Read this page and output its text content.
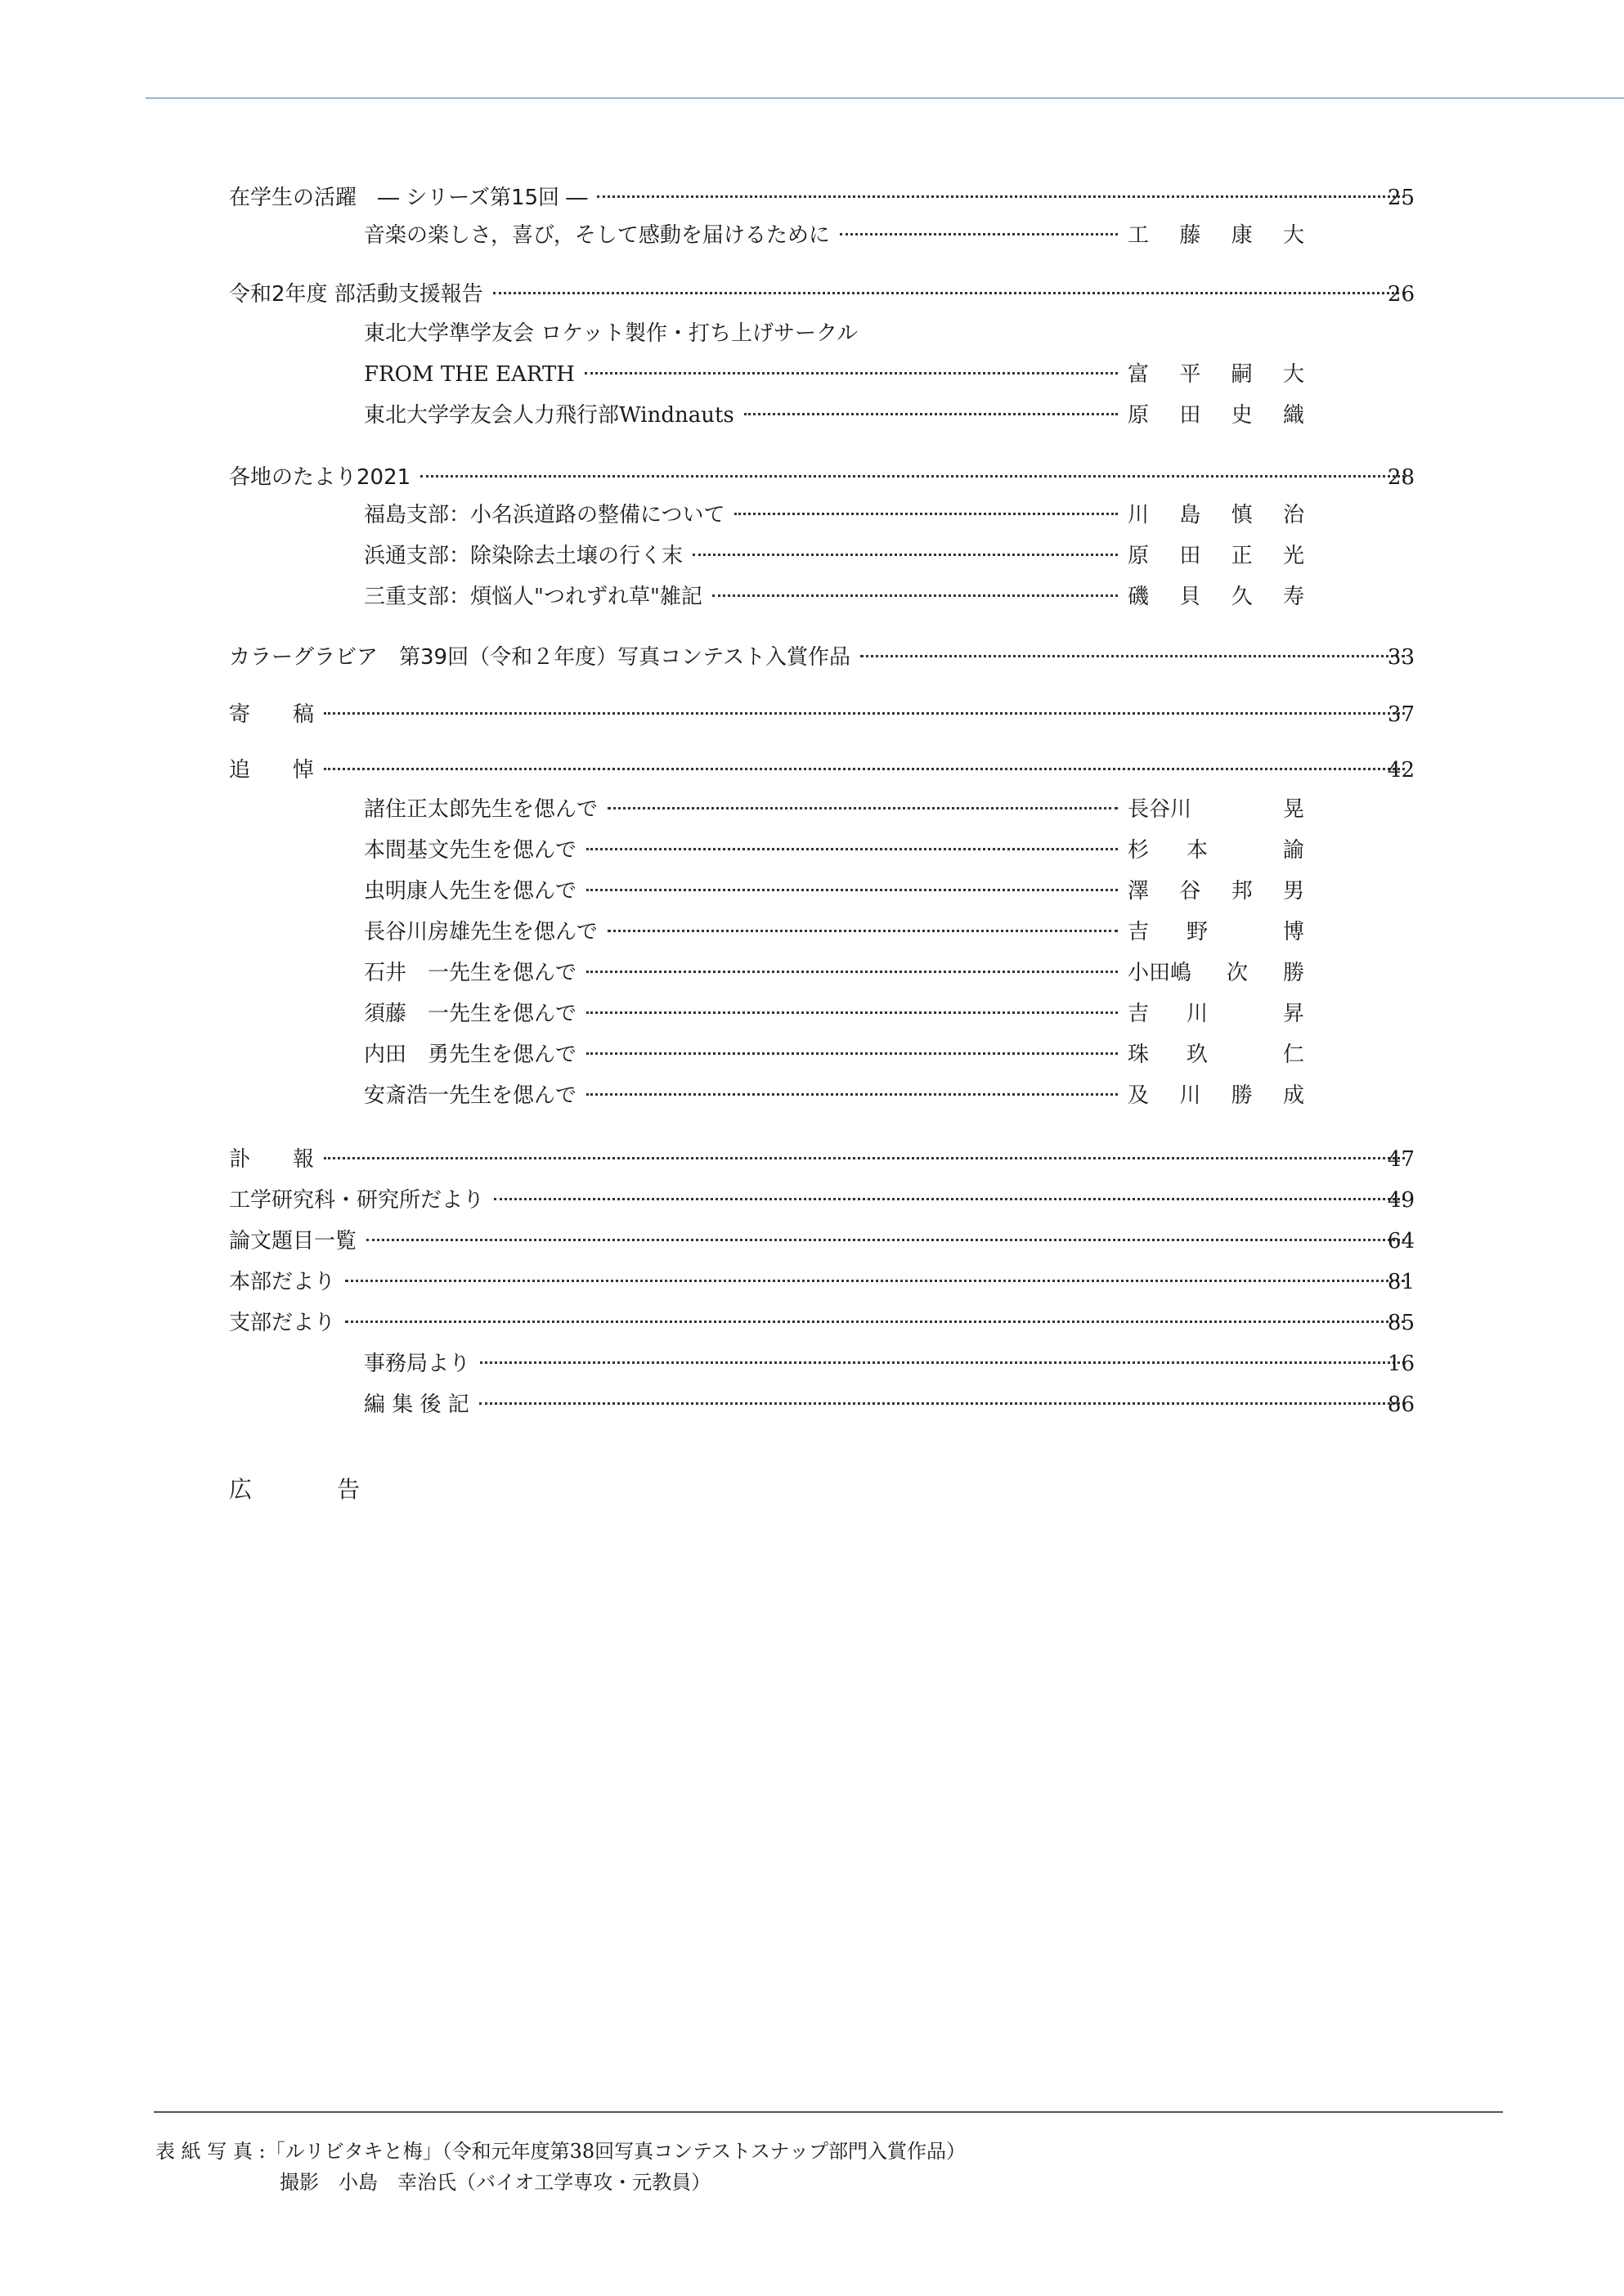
在学生の活躍　― シリーズ第15回 ―	25
音楽の楽しさ，喜び，そして感動を届けるために	工 藤 康 大
令和2年度 部活動支援報告	26
東北大学準学友会 ロケット製作・打ち上げサークル
FROM THE EARTH	富 平 嗣 大
東北大学学友会人力飛行部Windnauts	原 田 史 織
各地のたより2021	28
福島支部：小名浜道路の整備について	川 島 慎 治
浜通支部：除染除去土壌の行く末	原 田 正 光
三重支部：煩悩人"つれずれ草"雑記	磯 貝 久 寿
カラーグラビア　第39回（令和２年度）写真コンテスト入賞作品	33
寄　　稿	37
追　　悼	42
諸住正太郎先生を偲んで	長谷川	晃
本間基文先生を偲んで	杉 本	諭
虫明康人先生を偲んで	澤 谷 邦 男
長谷川房雄先生を偲んで	吉 野	博
石井　一先生を偲んで	小田嶋 次 勝
須藤　一先生を偲んで	吉 川	昇
内田　勇先生を偲んで	珠 玖	仁
安斎浩一先生を偲んで	及 川 勝 成
訃　　報	47
工学研究科・研究所だより	49
論文題目一覧	64
本部だより	81
支部だより	85
事務局より	16
編 集 後 記	86
広	告
表 紙 写 真 :「ルリビタキと梅」（令和元年度第38回写真コンテストスナップ部門入賞作品）
撮影　小島　幸治氏（バイオ工学専攻・元教員）
